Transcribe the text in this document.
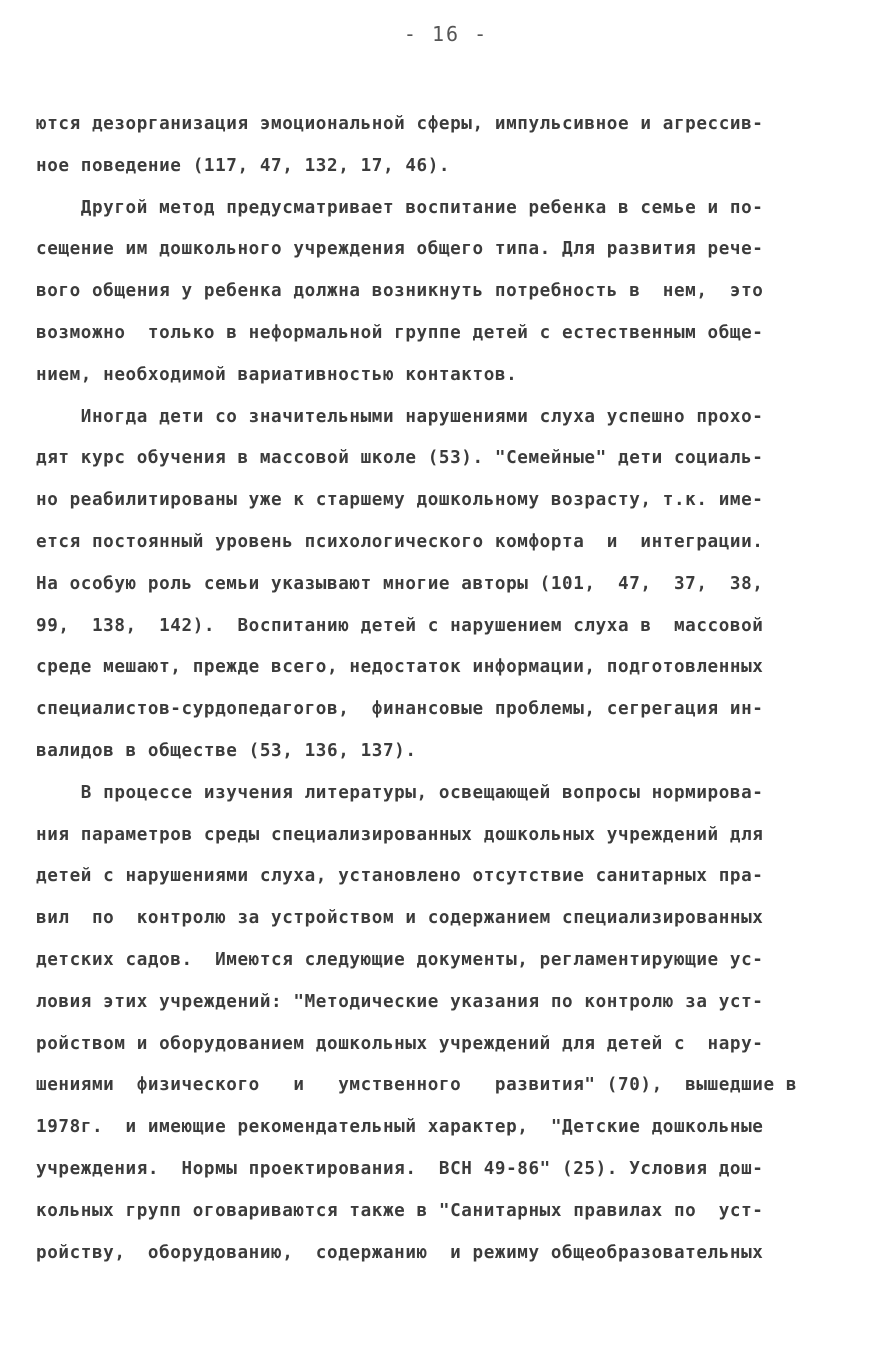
- 16 -
ются дезорганизация эмоциональной сферы, импульсивное и агрессив-
ное поведение (117, 47, 132, 17, 46).
Другой метод предусматривает воспитание ребенка в семье и по-
сещение им дошкольного учреждения общего типа. Для развития рече-
вого общения у ребенка должна возникнуть потребность в  нем,  это
возможно  только в неформальной группе детей с естественным обще-
нием, необходимой вариативностью контактов.
Иногда дети со значительными нарушениями слуха успешно прохо-
дят курс обучения в массовой школе (53). "Семейные" дети социаль-
но реабилитированы уже к старшему дошкольному возрасту, т.к. име-
ется постоянный уровень психологического комфорта  и  интеграции.
На особую роль семьи указывают многие авторы (101,  47,  37,  38,
99,  138,  142).  Воспитанию детей с нарушением слуха в  массовой
среде мешают, прежде всего, недостаток информации, подготовленных
специалистов-сурдопедагогов,  финансовые проблемы, сегрегация ин-
валидов в обществе (53, 136, 137).
В процессе изучения литературы, освещающей вопросы нормирова-
ния параметров среды специализированных дошкольных учреждений для
детей с нарушениями слуха, установлено отсутствие санитарных пра-
вил  по  контролю за устройством и содержанием специализированных
детских садов.  Имеются следующие документы, регламентирующие ус-
ловия этих учреждений: "Методические указания по контролю за уст-
ройством и оборудованием дошкольных учреждений для детей с  нару-
шениями  физического   и   умственного   развития" (70),  вышедшие в
1978г.  и имеющие рекомендательный характер,  "Детские дошкольные
учреждения.  Нормы проектирования.  ВСН 49-86" (25). Условия дош-
кольных групп оговариваются также в "Санитарных правилах по  уст-
ройству,  оборудованию,  содержанию  и режиму общеобразовательных
